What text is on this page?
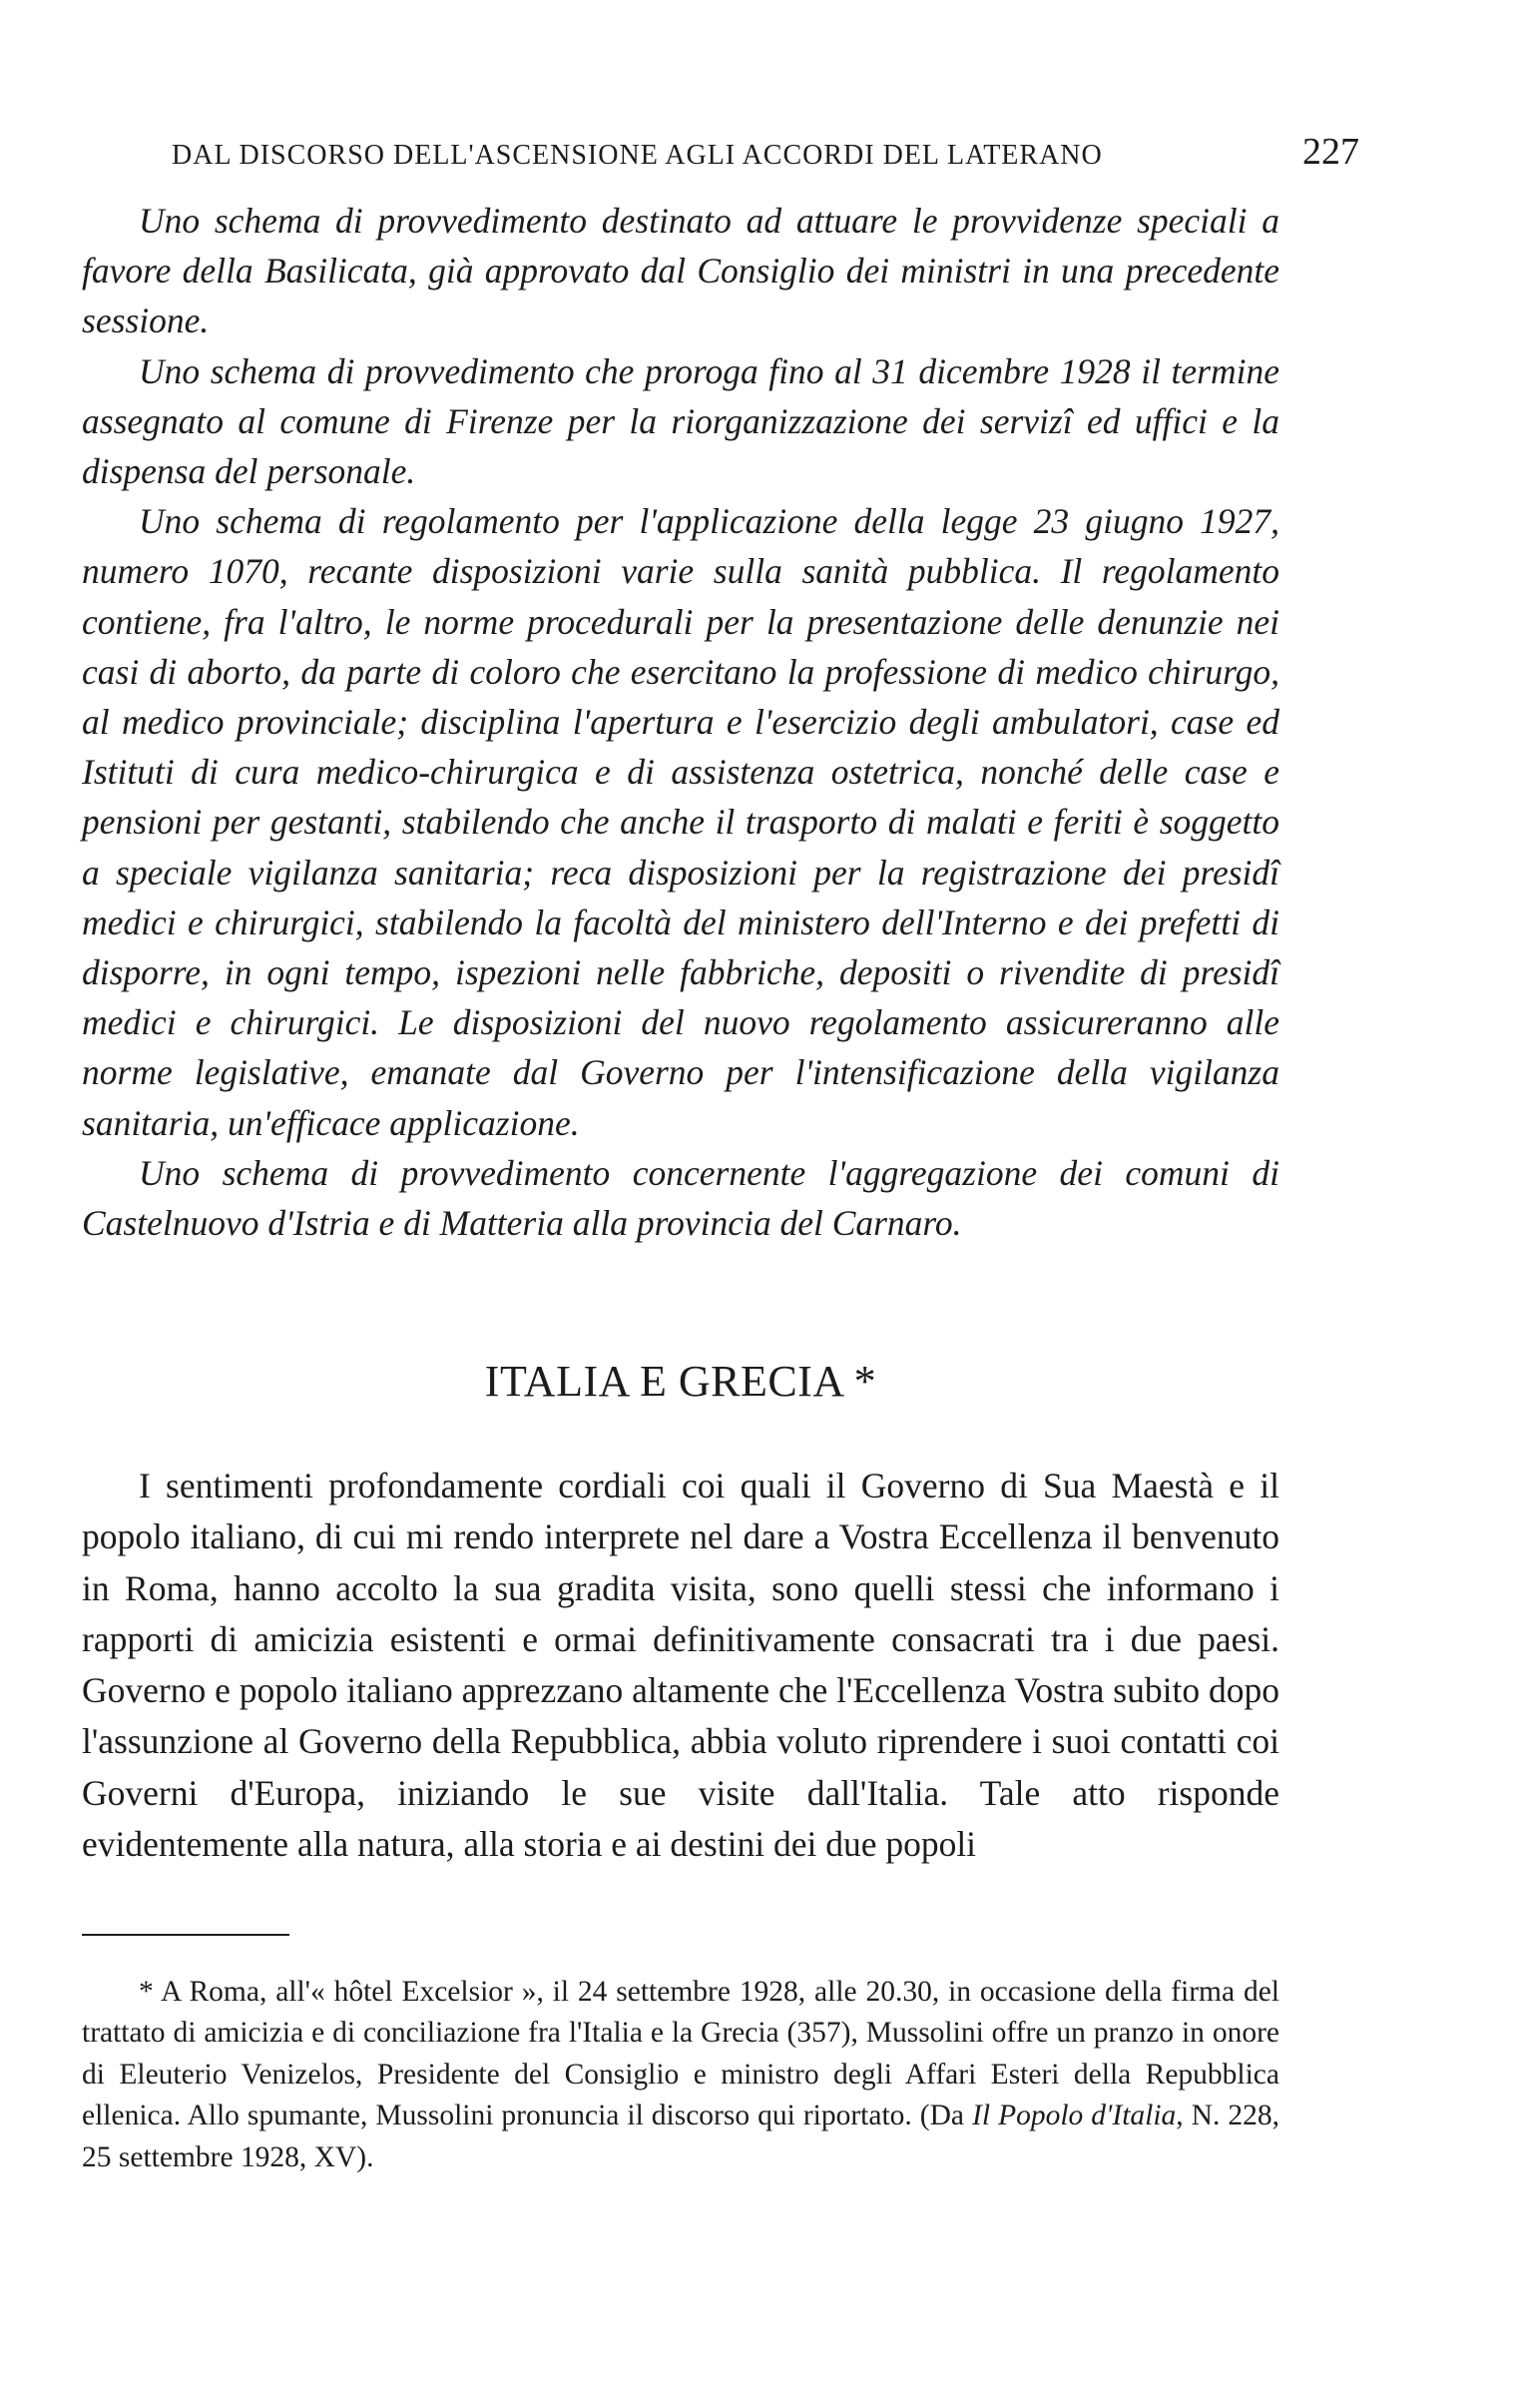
DAL DISCORSO DELL'ASCENSIONE AGLI ACCORDI DEL LATERANO	227

Uno schema di provvedimento destinato ad attuare le provvidenze speciali a favore della Basilicata, già approvato dal Consiglio dei ministri in una precedente sessione.

Uno schema di provvedimento che proroga fino al 31 dicembre 1928 il termine assegnato al comune di Firenze per la riorganizzazione dei servizî ed uffici e la dispensa del personale.

Uno schema di regolamento per l'applicazione della legge 23 giugno 1927, numero 1070, recante disposizioni varie sulla sanità pubblica. Il regolamento contiene, fra l'altro, le norme procedurali per la presentazione delle denunzie nei casi di aborto, da parte di coloro che esercitano la professione di medico chirurgo, al medico provinciale; disciplina l'apertura e l'esercizio degli ambulatori, case ed Istituti di cura medico-chirurgica e di assistenza ostetrica, nonché delle case e pensioni per gestanti, stabilendo che anche il trasporto di malati e feriti è soggetto a speciale vigilanza sanitaria; reca disposizioni per la registrazione dei presidî medici e chirurgici, stabilendo la facoltà del ministero dell'Interno e dei prefetti di disporre, in ogni tempo, ispezioni nelle fabbriche, depositi o rivendite di presidî medici e chirurgici. Le disposizioni del nuovo regolamento assicureranno alle norme legislative, emanate dal Governo per l'intensificazione della vigilanza sanitaria, un'efficace applicazione.

Uno schema di provvedimento concernente l'aggregazione dei comuni di Castelnuovo d'Istria e di Matteria alla provincia del Carnaro.

ITALIA E GRECIA *

I sentimenti profondamente cordiali coi quali il Governo di Sua Maestà e il popolo italiano, di cui mi rendo interprete nel dare a Vostra Eccellenza il benvenuto in Roma, hanno accolto la sua gradita visita, sono quelli stessi che informano i rapporti di amicizia esistenti e ormai definitivamente consacrati tra i due paesi. Governo e popolo italiano apprezzano altamente che l'Eccellenza Vostra subito dopo l'assunzione al Governo della Repubblica, abbia voluto riprendere i suoi contatti coi Governi d'Europa, iniziando le sue visite dall'Italia. Tale atto risponde evidentemente alla natura, alla storia e ai destini dei due popoli

* A Roma, all'« hôtel Excelsior », il 24 settembre 1928, alle 20.30, in occasione della firma del trattato di amicizia e di conciliazione fra l'Italia e la Grecia (357), Mussolini offre un pranzo in onore di Eleuterio Venizelos, Presidente del Consiglio e ministro degli Affari Esteri della Repubblica ellenica. Allo spumante, Mussolini pronuncia il discorso qui riportato. (Da Il Popolo d'Italia, N. 228, 25 settembre 1928, XV).
